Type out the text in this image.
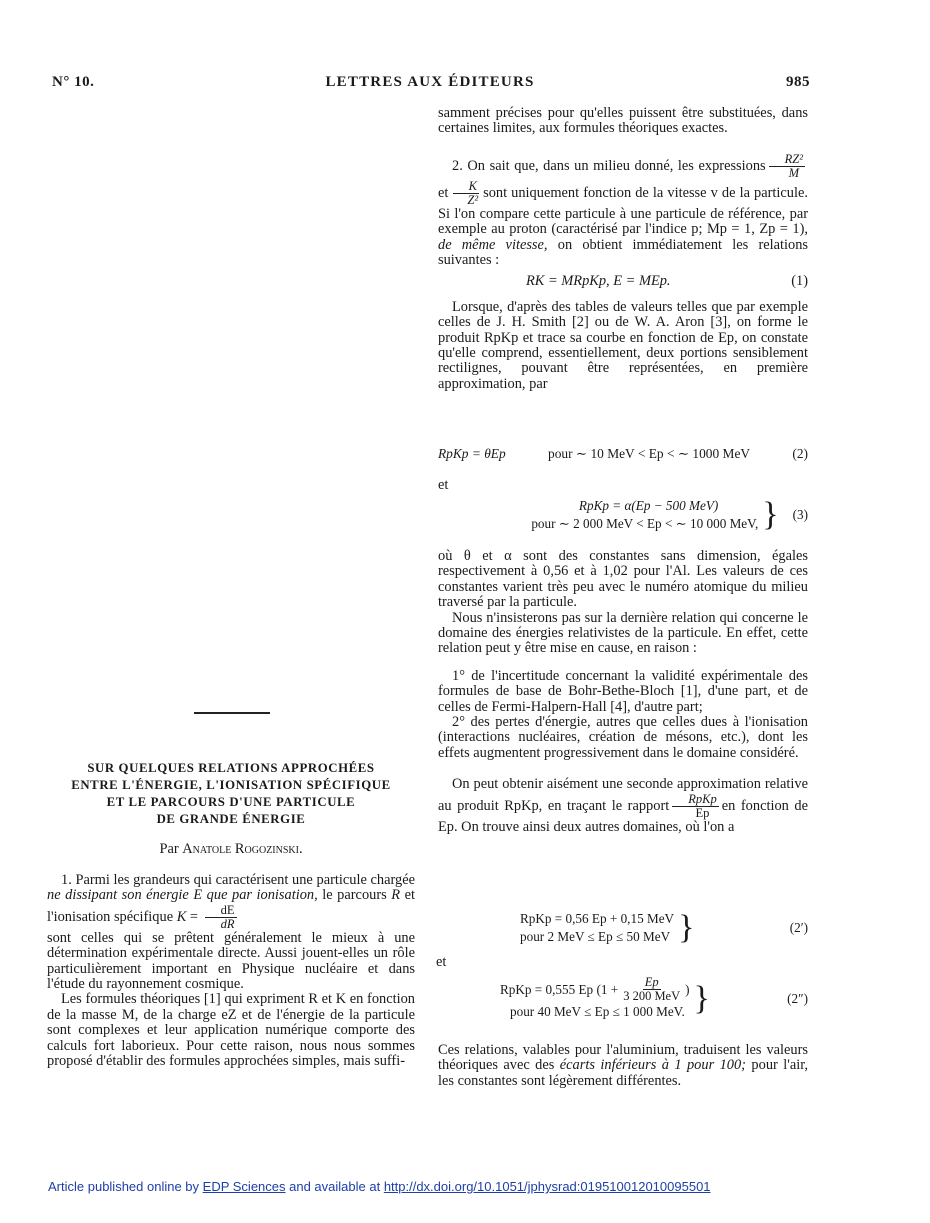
N° 10.	LETTRES AUX ÉDITEURS	985
SUR QUELQUES RELATIONS APPROCHÉES
ENTRE L'ÉNERGIE, L'IONISATION SPÉCIFIQUE
ET LE PARCOURS D'UNE PARTICULE
DE GRANDE ÉNERGIE
Par Anatole Rogozinski.

1. Parmi les grandeurs qui caractérisent une particule chargée ne dissipant son énergie E que par ionisation, le parcours R et l'ionisation spécifique $K = \frac{dE}{dR}$

sont celles qui se prêtent généralement le mieux à une détermination expérimentale directe. Aussi jouent-elles un rôle particulièrement important en Physique nucléaire et dans l'étude du rayonnement cosmique.

Les formules théoriques [1] qui expriment R et K en fonction de la masse M, de la charge eZ et de l'énergie de la particule sont complexes et leur application numérique comporte des calculs fort laborieux. Pour cette raison, nous nous sommes proposé d'établir des formules approchées simples, mais suffi-

samment précises pour qu'elles puissent être substituées, dans certaines limites, aux formules théoriques exactes.

2. On sait que, dans un milieu donné, les expressions $\frac{\text{RZ²}}{M}$
et $\frac{K}{\text{Z²}}$ sont uniquement fonction de la vitesse v de la particule. Si l'on compare cette particule à une particule de référence, par exemple au proton (caractérisé par l'indice p; Mp = 1, Zp = 1), de même vitesse, on obtient immédiatement les relations suivantes :

RK = MRpKp, E = MEp.	(1)

Lorsque, d'après des tables de valeurs telles que par exemple celles de J. H. Smith [2] ou de W. A. Aron [3], on forme le produit RpKp et trace sa courbe en fonction de Ep, on constate qu'elle comprend, essentiellement, deux portions sensiblement rectilignes, pouvant être représentées, en première approximation, par

RpKp = θEp	pour ∼ 10 MeV < Ep < ∼ 1000 MeV	(2)
et
RpKp = α(Ep − 500 MeV)
pour ∼ 2 000 MeV < Ep < ∼ 10 000 MeV, } (3)

où θ et α sont des constantes sans dimension, égales respectivement à 0,56 et à 1,02 pour l'Al. Les valeurs de ces constantes varient très peu avec le numéro atomique du milieu traversé par la particule.

Nous n'insisterons pas sur la dernière relation qui concerne le domaine des énergies relativistes de la particule. En effet, cette relation peut y être mise en cause, en raison :

1° de l'incertitude concernant la validité expérimentale des formules de base de Bohr-Bethe-Bloch [1], d'une part, et de celles de Fermi-Halpern-Hall [4], d'autre part;

2° des pertes d'énergie, autres que celles dues à l'ionisation (interactions nucléaires, création de mésons, etc.), dont les effets augmentent progressivement dans le domaine considéré.

On peut obtenir aisément une seconde approximation relative au produit RpKp, en traçant le rapport $\frac{\text{RpKp}}{Ep}$ en fonction de Ep. On trouve ainsi deux autres domaines, où l'on a

RpKp = 0,56 Ep + 0,15 MeV
pour 2 MeV ≤ Ep ≤ 50 MeV }	(2′)
et
RpKp = 0,555 Ep ($1 + \frac{Ep}{\text{3 200 MeV}}$ )
pour 40 MeV ≤ Ep ≤ 1 000 MeV. }	(2″)

Ces relations, valables pour l'aluminium, traduisent les valeurs théoriques avec des écarts inférieurs à 1 pour 100; pour l'air, les constantes sont légèrement différentes.

Article published online by EDP Sciences and available at http://dx.doi.org/10.1051/jphysrad:019510012010095501
